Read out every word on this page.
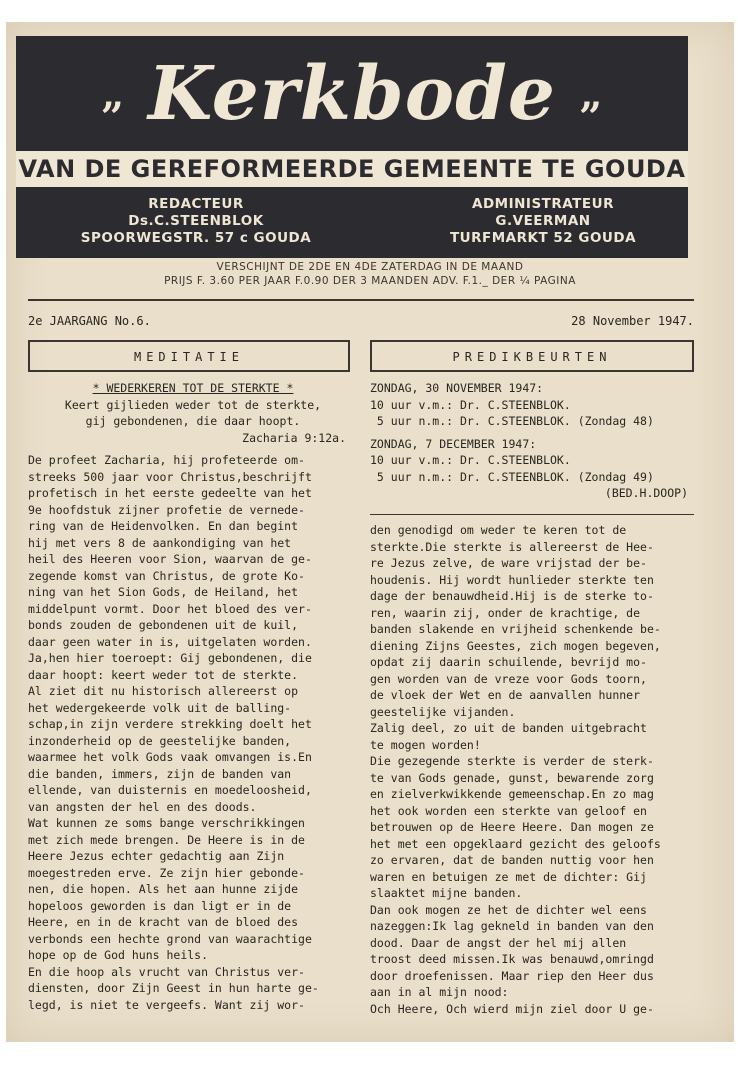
„ Kerkbode „
VAN DE GEREFORMEERDE GEMEENTE TE GOUDA
REDACTEUR
Ds.C.STEENBLOK
SPOORWEGSTR. 57 c GOUDA
ADMINISTRATEUR
G.VEERMAN
TURFMARKT 52 GOUDA
VERSCHIJNT DE 2DE EN 4DE ZATERDAG IN DE MAAND
PRIJS F. 3.60 PER JAAR F.0.90 DER 3 MAANDEN ADV. F.1._ DER ¼ PAGINA
2e JAARGANG No.6.	28 November 1947.
MEDITATIE	PREDIKBEURTEN
* WEDERKEREN TOT DE STERKTE *
Keert gijlieden weder tot de sterkte,
gij gebondenen, die daar hoopt.
Zacharia 9:12a.
ZONDAG, 30 NOVEMBER 1947:
10 uur v.m.: Dr. C.STEENBLOK.
5 uur n.m.: Dr. C.STEENBLOK. (Zondag 48)
ZONDAG, 7 DECEMBER 1947:
10 uur v.m.: Dr. C.STEENBLOK.
5 uur n.m.: Dr. C.STEENBLOK. (Zondag 49)
(BED.H.DOOP)
De profeet Zacharia, hij profeteerde om-
streeks 500 jaar voor Christus,beschrijft
profetisch in het eerste gedeelte van het
9e hoofdstuk zijner profetie de vernede-
ring van de Heidenvolken. En dan begint
hij met vers 8 de aankondiging van het
heil des Heeren voor Sion, waarvan de ge-
zegende komst van Christus, de grote Ko-
ning van het Sion Gods, de Heiland, het
middelpunt vormt. Door het bloed des ver-
bonds zouden de gebondenen uit de kuil,
daar geen water in is, uitgelaten worden.
Ja,hen hier toeroept: Gij gebondenen, die
daar hoopt: keert weder tot de sterkte.
Al ziet dit nu historisch allereerst op
het wedergekeerde volk uit de balling-
schap,in zijn verdere strekking doelt het
inzonderheid op de geestelijke banden,
waarmee het volk Gods vaak omvangen is.En
die banden, immers, zijn de banden van
ellende, van duisternis en moedeloosheid,
van angsten der hel en des doods.
Wat kunnen ze soms bange verschrikkingen
met zich mede brengen. De Heere is in de
Heere Jezus echter gedachtig aan Zijn
moegestreden erve. Ze zijn hier gebonde-
nen, die hopen. Als het aan hunne zijde
hopeloos geworden is dan ligt er in de
Heere, en in de kracht van de bloed des
verbonds een hechte grond van waarachtige
hope op de God huns heils.
En die hoop als vrucht van Christus ver-
diensten, door Zijn Geest in hun harte ge-
legd, is niet te vergeefs. Want zij wor-
den genodigd om weder te keren tot de
sterkte.Die sterkte is allereerst de Hee-
re Jezus zelve, de ware vrijstad der be-
houdenis. Hij wordt hunlieder sterkte ten
dage der benauwdheid.Hij is de sterke to-
ren, waarin zij, onder de krachtige, de
banden slakende en vrijheid schenkende be-
diening Zijns Geestes, zich mogen begeven,
opdat zij daarin schuilende, bevrijd mo-
gen worden van de vreze voor Gods toorn,
de vloek der Wet en de aanvallen hunner
geestelijke vijanden.
Zalig deel, zo uit de banden uitgebracht
te mogen worden!
Die gezegende sterkte is verder de sterk-
te van Gods genade, gunst, bewarende zorg
en zielverkwikkende gemeenschap.En zo mag
het ook worden een sterkte van geloof en
betrouwen op de Heere Heere. Dan mogen ze
het met een opgeklaard gezicht des geloofs
zo ervaren, dat de banden nuttig voor hen
waren en betuigen ze met de dichter: Gij
slaaktet mijne banden.
Dan ook mogen ze het de dichter wel eens
nazeggen:Ik lag gekneld in banden van den
dood. Daar de angst der hel mij allen
troost deed missen.Ik was benauwd,omringd
door droefenissen. Maar riep den Heer dus
aan in al mijn nood:
Och Heere, Och wierd mijn ziel door U ge-
